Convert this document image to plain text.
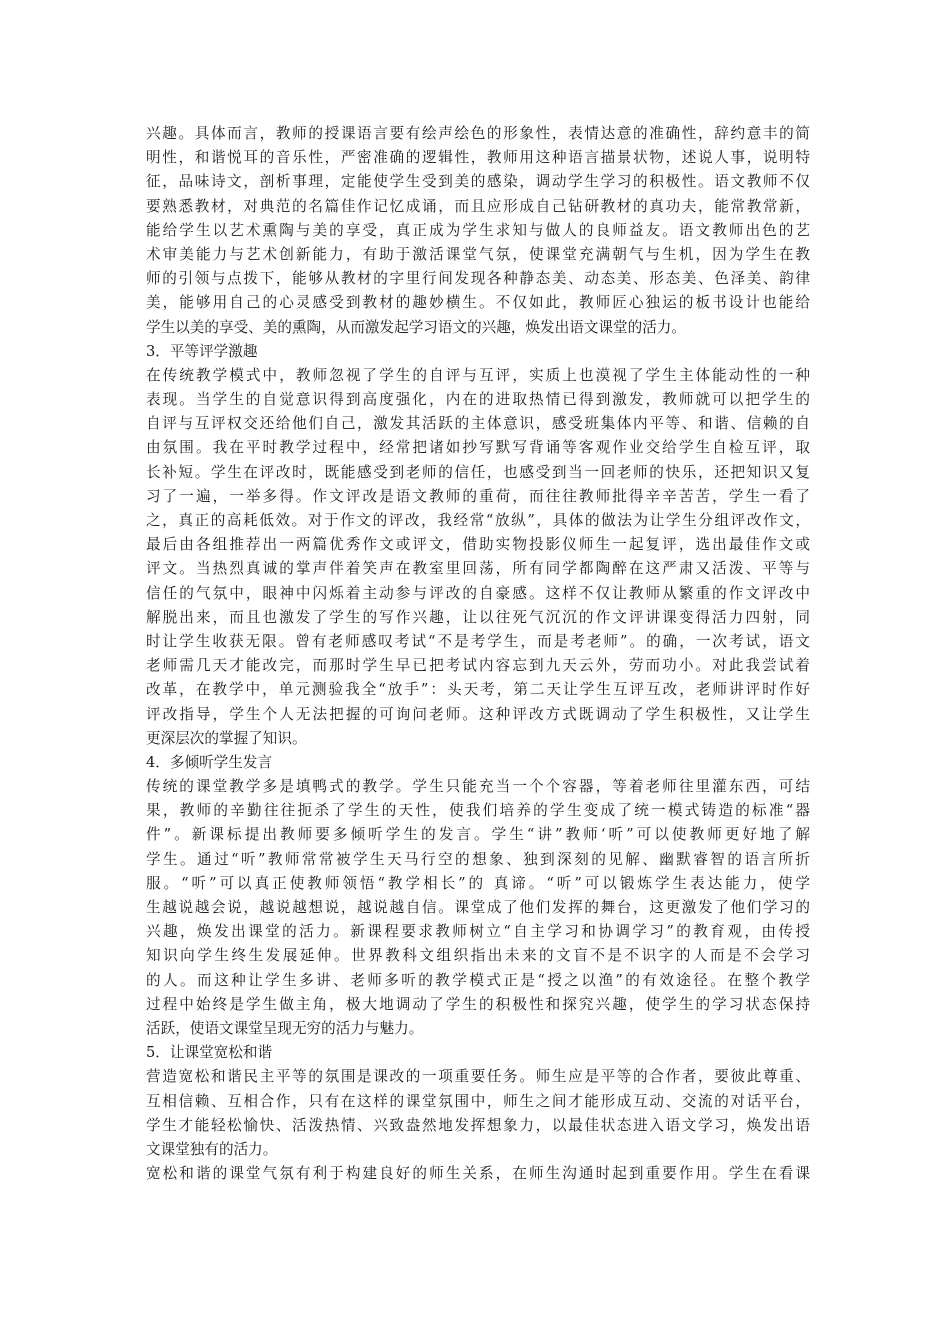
兴趣。具体而言，教师的授课语言要有绘声绘色的形象性，表情达意的准确性，辞约意丰的简
明性，和谐悦耳的音乐性，严密准确的逻辑性，教师用这种语言描景状物，述说人事，说明特
征，品味诗文，剖析事理，定能使学生受到美的感染，调动学生学习的积极性。语文教师不仅
要熟悉教材，对典范的名篇佳作记忆成诵，而且应形成自己钻研教材的真功夫，能常教常新，
能给学生以艺术熏陶与美的享受，真正成为学生求知与做人的良师益友。语文教师出色的艺
术审美能力与艺术创新能力，有助于激活课堂气氛，使课堂充满朝气与生机，因为学生在教
师的引领与点拨下，能够从教材的字里行间发现各种静态美、动态美、形态美、色泽美、韵律
美，能够用自己的心灵感受到教材的趣妙横生。不仅如此，教师匠心独运的板书设计也能给
学生以美的享受、美的熏陶，从而激发起学习语文的兴趣，焕发出语文课堂的活力。
3．平等评学激趣
在传统教学模式中，教师忽视了学生的自评与互评，实质上也漠视了学生主体能动性的一种
表现。当学生的自觉意识得到高度强化，内在的进取热情已得到激发，教师就可以把学生的
自评与互评权交还给他们自己，激发其活跃的主体意识，感受班集体内平等、和谐、信赖的自
由氛围。我在平时教学过程中，经常把诸如抄写默写背诵等客观作业交给学生自检互评，取
长补短。学生在评改时，既能感受到老师的信任，也感受到当一回老师的快乐，还把知识又复
习了一遍，一举多得。作文评改是语文教师的重荷，而往往教师批得辛辛苦苦，学生一看了
之，真正的高耗低效。对于作文的评改，我经常“放纵”，具体的做法为让学生分组评改作文，
最后由各组推荐出一两篇优秀作文或评文，借助实物投影仪师生一起复评，选出最佳作文或
评文。当热烈真诚的掌声伴着笑声在教室里回荡，所有同学都陶醉在这严肃又活泼、平等与
信任的气氛中，眼神中闪烁着主动参与评改的自豪感。这样不仅让教师从繁重的作文评改中
解脱出来，而且也激发了学生的写作兴趣，让以往死气沉沉的作文评讲课变得活力四射，同
时让学生收获无限。曾有老师感叹考试“不是考学生，而是考老师”。的确，一次考试，语文
老师需几天才能改完，而那时学生早已把考试内容忘到九天云外，劳而功小。对此我尝试着
改革，在教学中，单元测验我全“放手”：头天考，第二天让学生互评互改，老师讲评时作好
评改指导，学生个人无法把握的可询问老师。这种评改方式既调动了学生积极性，又让学生
更深层次的掌握了知识。
4．多倾听学生发言
传统的课堂教学多是填鸭式的教学。学生只能充当一个个容器，等着老师往里灌东西，可结
果，教师的辛勤往往扼杀了学生的天性，使我们培养的学生变成了统一模式铸造的标准“器
件”。新课标提出教师要多倾听学生的发言。学生“讲”教师‘听”可以使教师更好地了解
学生。通过“听”教师常常被学生天马行空的想象、独到深刻的见解、幽默睿智的语言所折
服。“听”可以真正使教师领悟“教学相长”的 真谛。“听”可以锻炼学生表达能力，使学
生越说越会说，越说越想说，越说越自信。课堂成了他们发挥的舞台，这更激发了他们学习的
兴趣，焕发出课堂的活力。新课程要求教师树立“自主学习和协调学习”的教育观，由传授
知识向学生终生发展延伸。世界教科文组织指出未来的文盲不是不识字的人而是不会学习
的人。而这种让学生多讲、老师多听的教学模式正是“授之以渔”的有效途径。在整个教学
过程中始终是学生做主角，极大地调动了学生的积极性和探究兴趣，使学生的学习状态保持
活跃，使语文课堂呈现无穷的活力与魅力。
5．让课堂宽松和谐
营造宽松和谐民主平等的氛围是课改的一项重要任务。师生应是平等的合作者，要彼此尊重、
互相信赖、互相合作，只有在这样的课堂氛围中，师生之间才能形成互动、交流的对话平台，
学生才能轻松愉快、活泼热情、兴致盎然地发挥想象力，以最佳状态进入语文学习，焕发出语
文课堂独有的活力。
宽松和谐的课堂气氛有利于构建良好的师生关系，在师生沟通时起到重要作用。学生在看课
